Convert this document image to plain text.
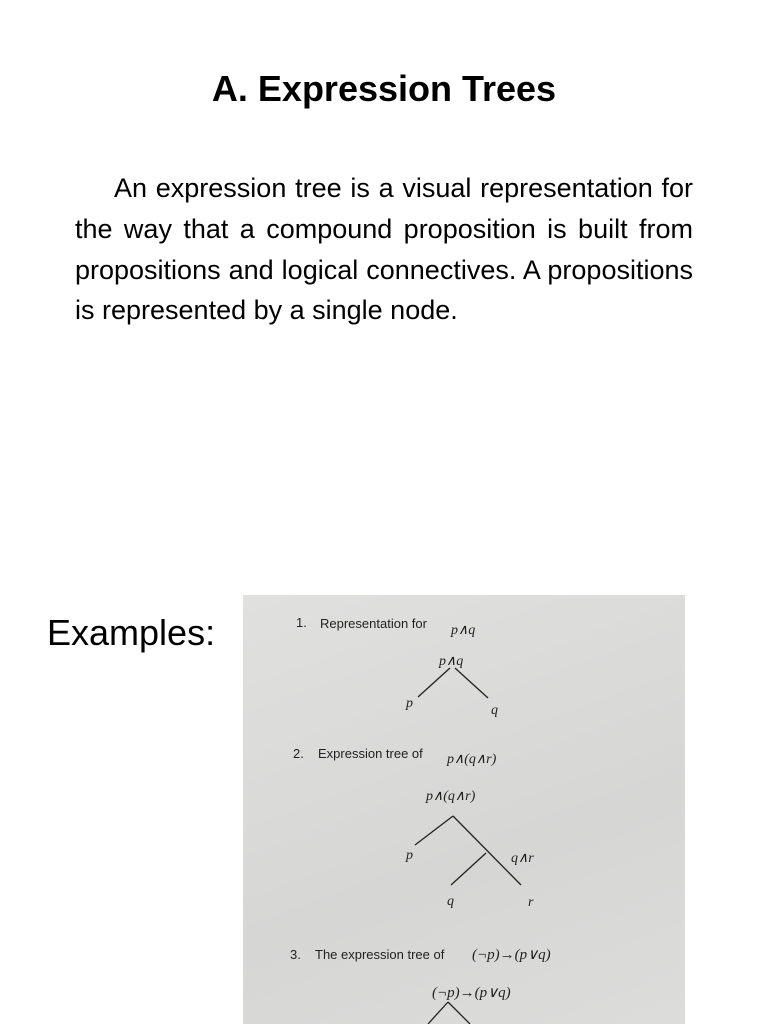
A. Expression Trees

An expression tree is a visual representation for the way that a compound proposition is built from propositions and logical connectives. A propositions is represented by a single node.

Examples:	1. Representation for p∧q
p∧q
p	q
2. Expression tree of p∧(q∧r)
p∧(q∧r)
p	q∧r
q	r
3. The expression tree of (¬p)→(p∨q)
(¬p)→(p∨q)
